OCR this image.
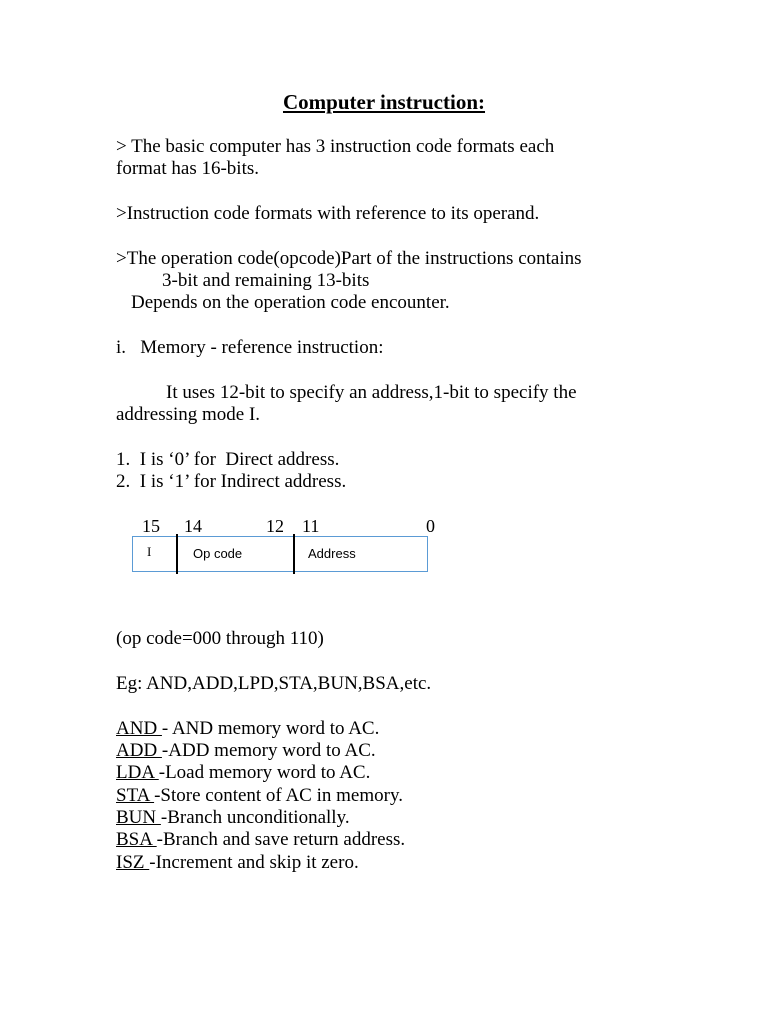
Computer instruction:
> The basic computer has 3 instruction code formats each
format has 16-bits.
>Instruction code formats with reference to its operand.
>The operation code(opcode)Part of the instructions contains
3-bit and remaining 13-bits
Depends on the operation code encounter.
i.   Memory - reference instruction:
It uses 12-bit to specify an address,1-bit to specify the
addressing mode I.
1.  I is ‘0’ for  Direct address.
2.  I is ‘1’ for Indirect address.
15 14	12 11	0
I	Op code	Address
(op code=000 through 110)
Eg: AND,ADD,LPD,STA,BUN,BSA,etc.
AND - AND memory word to AC.
ADD -ADD memory word to AC.
LDA -Load memory word to AC.
STA -Store content of AC in memory.
BUN -Branch unconditionally.
BSA -Branch and save return address.
ISZ -Increment and skip it zero.
